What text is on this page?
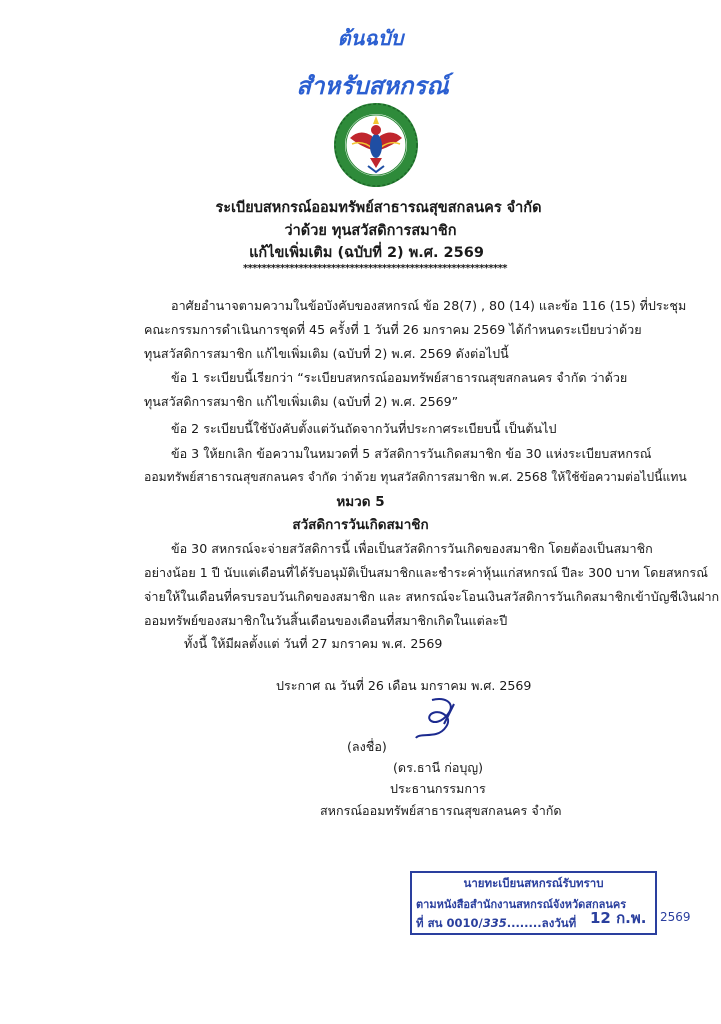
ต้นฉบับ
สำหรับสหกรณ์
ระเบียบสหกรณ์ออมทรัพย์สาธารณสุขสกลนคร จำกัด
ว่าด้วย ทุนสวัสดิการสมาชิก
แก้ไขเพิ่มเติม (ฉบับที่ 2) พ.ศ. 2569
*********************************************************
อาศัยอำนาจตามความในข้อบังคับของสหกรณ์ ข้อ 28(7) , 80 (14) และข้อ 116 (15) ที่ประชุม
คณะกรรมการดำเนินการชุดที่ 45 ครั้งที่ 1 วันที่ 26 มกราคม 2569 ได้กำหนดระเบียบว่าด้วย
ทุนสวัสดิการสมาชิก แก้ไขเพิ่มเติม (ฉบับที่ 2) พ.ศ. 2569 ดังต่อไปนี้
ข้อ 1 ระเบียบนี้เรียกว่า “ระเบียบสหกรณ์ออมทรัพย์สาธารณสุขสกลนคร จำกัด ว่าด้วย
ทุนสวัสดิการสมาชิก แก้ไขเพิ่มเติม (ฉบับที่ 2) พ.ศ. 2569”
ข้อ 2 ระเบียบนี้ใช้บังคับตั้งแต่วันถัดจากวันที่ประกาศระเบียบนี้ เป็นต้นไป
ข้อ 3 ให้ยกเลิก ข้อความในหมวดที่ 5 สวัสดิการวันเกิดสมาชิก ข้อ 30 แห่งระเบียบสหกรณ์
ออมทรัพย์สาธารณสุขสกลนคร จำกัด ว่าด้วย ทุนสวัสดิการสมาชิก พ.ศ. 2568 ให้ใช้ข้อความต่อไปนี้แทน
หมวด 5
สวัสดิการวันเกิดสมาชิก
ข้อ 30 สหกรณ์จะจ่ายสวัสดิการนี้ เพื่อเป็นสวัสดิการวันเกิดของสมาชิก โดยต้องเป็นสมาชิก
อย่างน้อย 1 ปี นับแต่เดือนที่ได้รับอนุมัติเป็นสมาชิกและชำระค่าหุ้นแก่สหกรณ์ ปีละ 300 บาท โดยสหกรณ์
จ่ายให้ในเดือนที่ครบรอบวันเกิดของสมาชิก และ สหกรณ์จะโอนเงินสวัสดิการวันเกิดสมาชิกเข้าบัญชีเงินฝาก
ออมทรัพย์ของสมาชิกในวันสิ้นเดือนของเดือนที่สมาชิกเกิดในแต่ละปี
ทั้งนี้ ให้มีผลตั้งแต่ วันที่ 27 มกราคม พ.ศ. 2569
ประกาศ ณ วันที่ 26 เดือน มกราคม พ.ศ. 2569
(ลงชื่อ)
(ดร.ธานี ก่อบุญ)
ประธานกรรมการ
สหกรณ์ออมทรัพย์สาธารณสุขสกลนคร จำกัด
นายทะเบียนสหกรณ์รับทราบ
ตามหนังสือสำนักงานสหกรณ์จังหวัดสกลนคร
ที่ สน 0010/335........ลงวันที่ 12 ก.พ. 2569
